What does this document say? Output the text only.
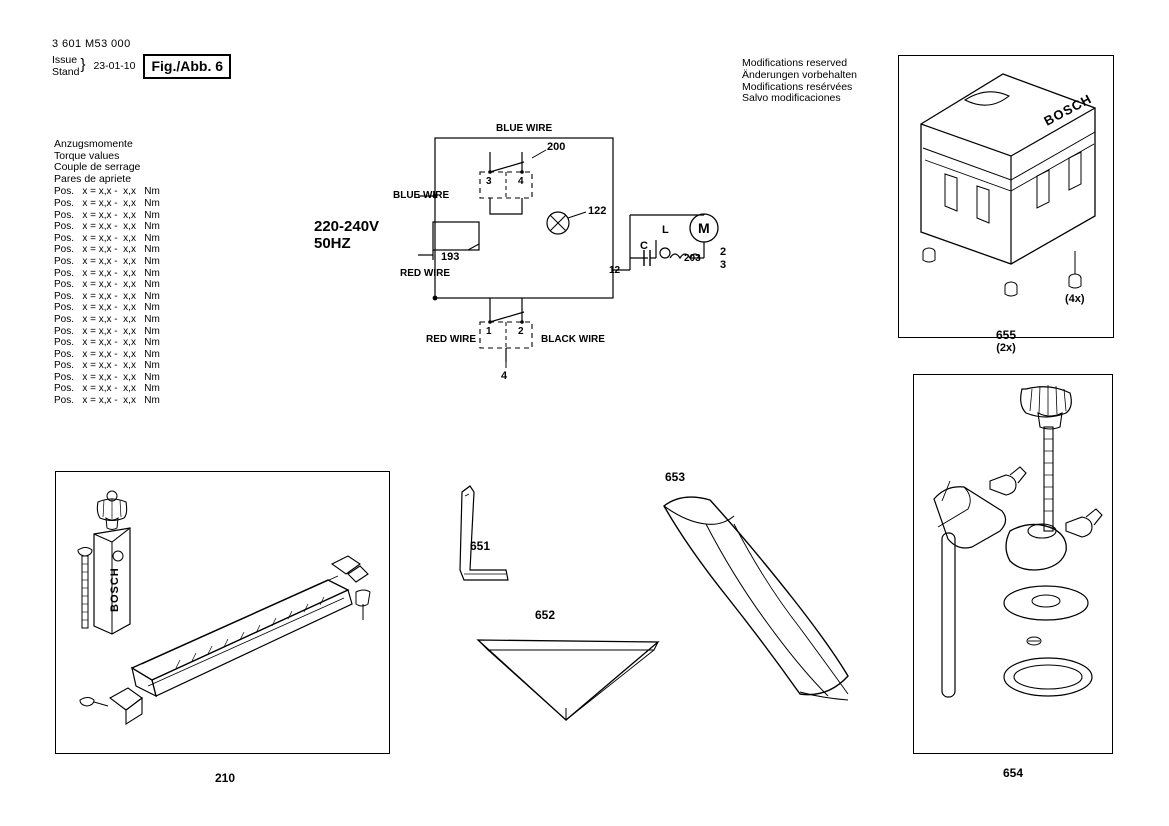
3 601 M53 000
Issue
Stand } 23-01-10	Fig./Abb. 6
Anzugsmomente
Torque values
Couple de serrage
Pares de apriete
Pos.   x = x,x -  x,x   Nm
Pos.   x = x,x -  x,x   Nm
Pos.   x = x,x -  x,x   Nm
Pos.   x = x,x -  x,x   Nm
Pos.   x = x,x -  x,x   Nm
Pos.   x = x,x -  x,x   Nm
Pos.   x = x,x -  x,x   Nm
Pos.   x = x,x -  x,x   Nm
Pos.   x = x,x -  x,x   Nm
Pos.   x = x,x -  x,x   Nm
Pos.   x = x,x -  x,x   Nm
Pos.   x = x,x -  x,x   Nm
Pos.   x = x,x -  x,x   Nm
Pos.   x = x,x -  x,x   Nm
Pos.   x = x,x -  x,x   Nm
Pos.   x = x,x -  x,x   Nm
Pos.   x = x,x -  x,x   Nm
Pos.   x = x,x -  x,x   Nm
Pos.   x = x,x -  x,x   Nm
Modifications reserved
Änderungen vorbehalten
Modifications resérvées
Salvo modificaciones
220-240V
50HZ
BLUE WIRE
BLUE WIRE
RED WIRE
RED WIRE	BLACK WIRE
200
3	4
122
193
12
C
L
203
M
2
3
1	2
4
BOSCH
(4x)
655
(2x)
654
BOSCH
210
651
652
653
